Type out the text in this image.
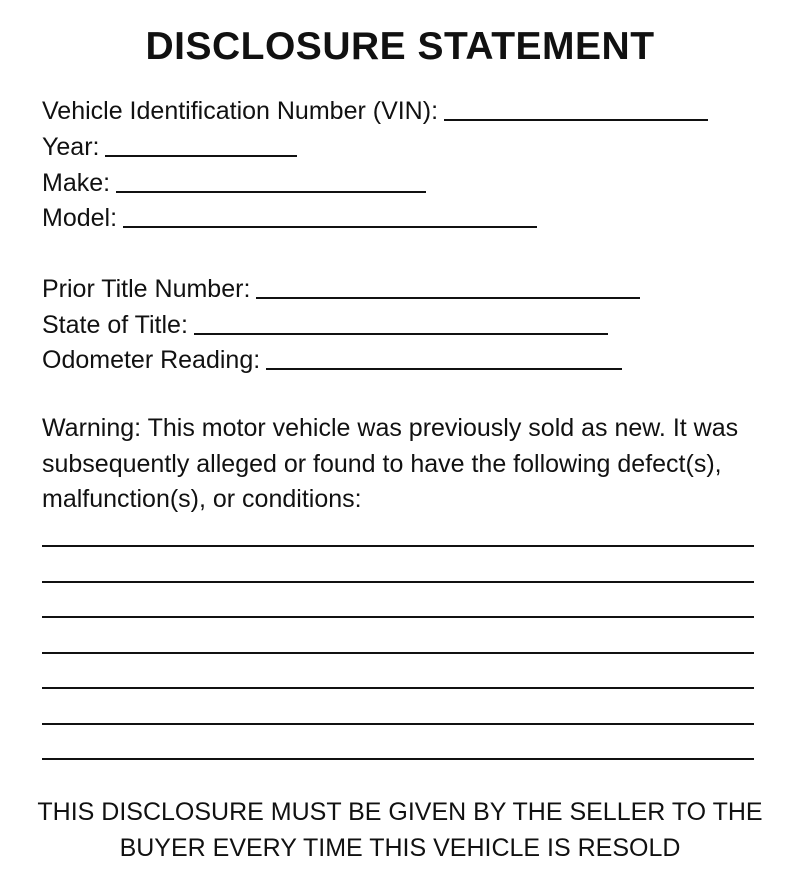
DISCLOSURE STATEMENT
Vehicle Identification Number (VIN):
Year:
Make:
Model:
Prior Title Number:
State of Title:
Odometer Reading:
Warning: This motor vehicle was previously sold as new. It was subsequently alleged or found to have the following defect(s), malfunction(s), or conditions:
THIS DISCLOSURE MUST BE GIVEN BY THE SELLER TO THE
BUYER EVERY TIME THIS VEHICLE IS RESOLD
